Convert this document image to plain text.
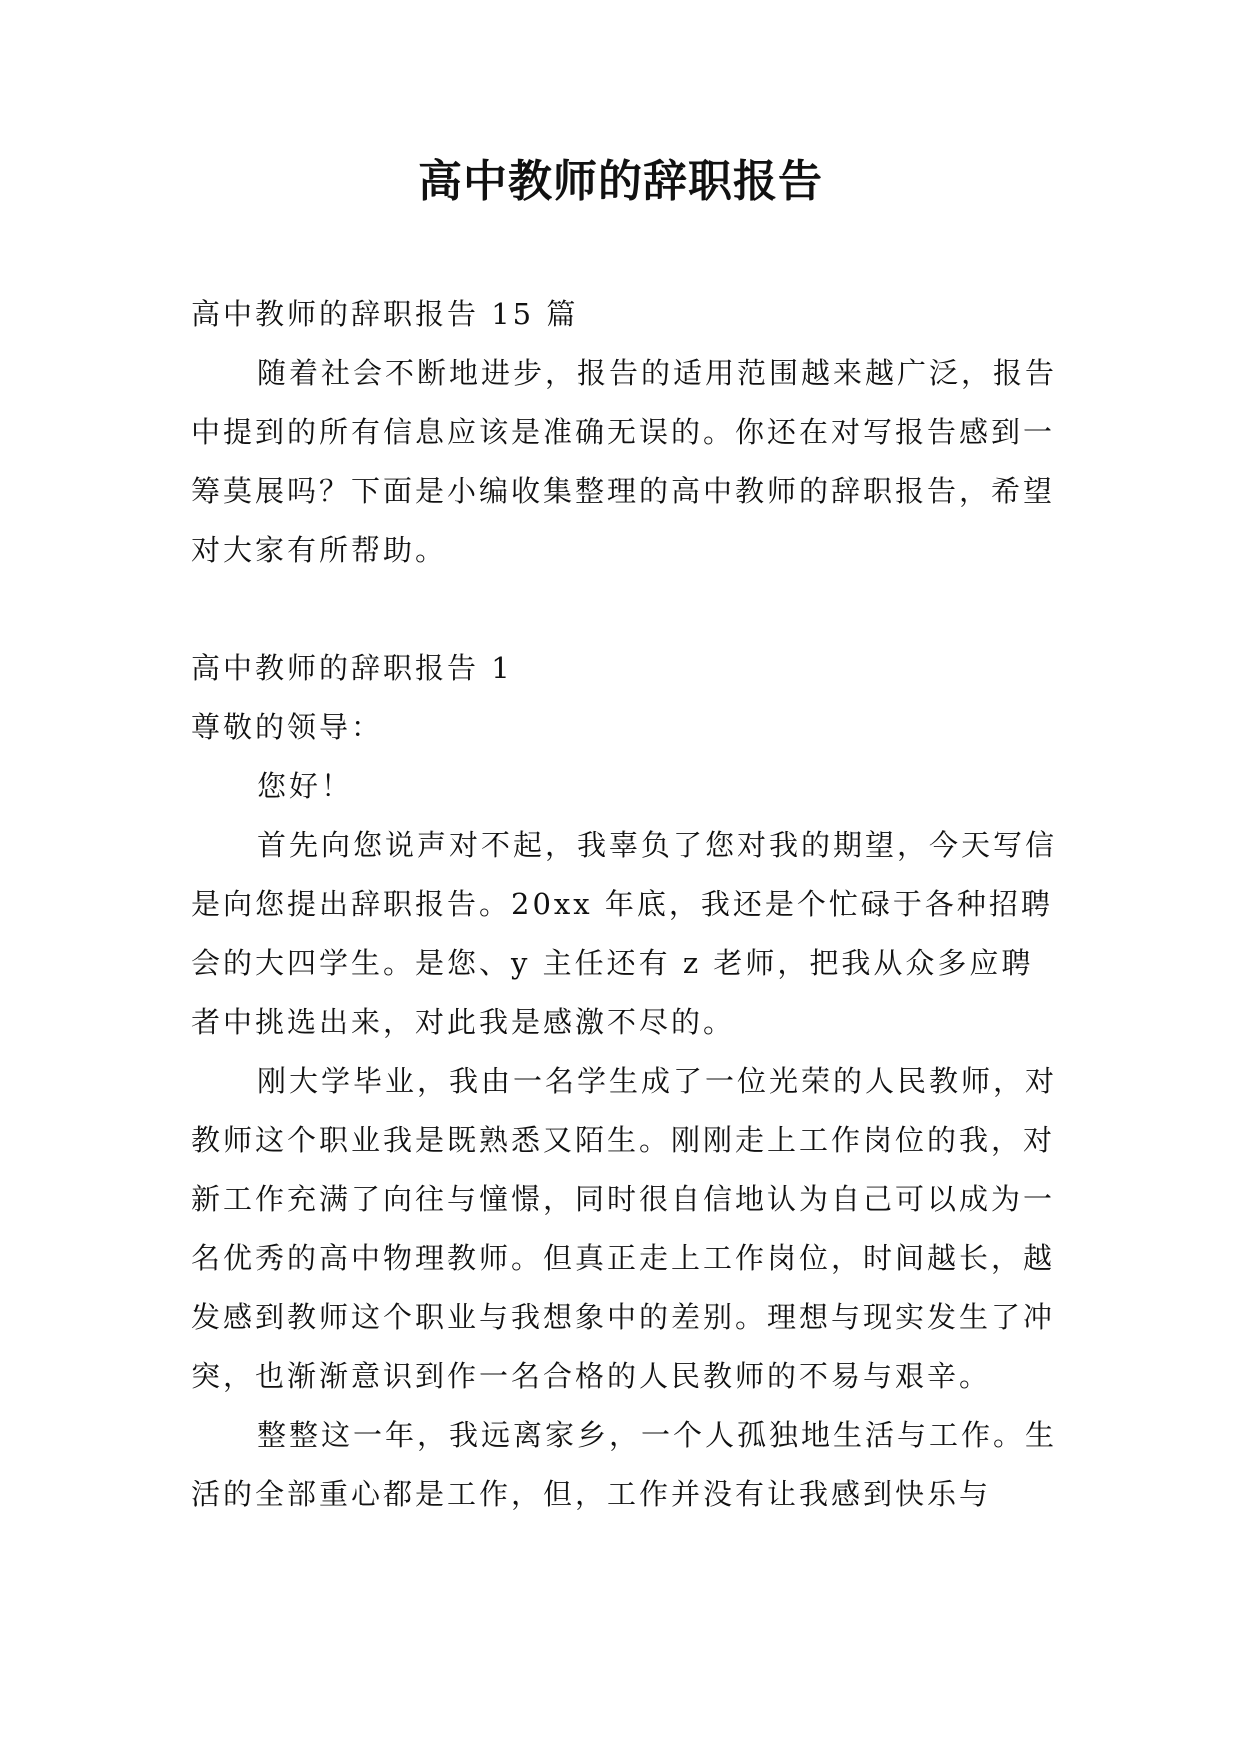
高中教师的辞职报告

高中教师的辞职报告 15 篇

随着社会不断地进步，报告的适用范围越来越广泛，报告中提到的所有信息应该是准确无误的。你还在对写报告感到一筹莫展吗？下面是小编收集整理的高中教师的辞职报告，希望对大家有所帮助。

高中教师的辞职报告 1

尊敬的领导：

您好！

首先向您说声对不起，我辜负了您对我的期望，今天写信是向您提出辞职报告。20xx 年底，我还是个忙碌于各种招聘会的大四学生。是您、y 主任还有 z 老师，把我从众多应聘者中挑选出来，对此我是感激不尽的。

刚大学毕业，我由一名学生成了一位光荣的人民教师，对教师这个职业我是既熟悉又陌生。刚刚走上工作岗位的我，对新工作充满了向往与憧憬，同时很自信地认为自己可以成为一名优秀的高中物理教师。但真正走上工作岗位，时间越长，越发感到教师这个职业与我想象中的差别。理想与现实发生了冲突，也渐渐意识到作一名合格的人民教师的不易与艰辛。

整整这一年，我远离家乡，一个人孤独地生活与工作。生活的全部重心都是工作，但，工作并没有让我感到快乐与
